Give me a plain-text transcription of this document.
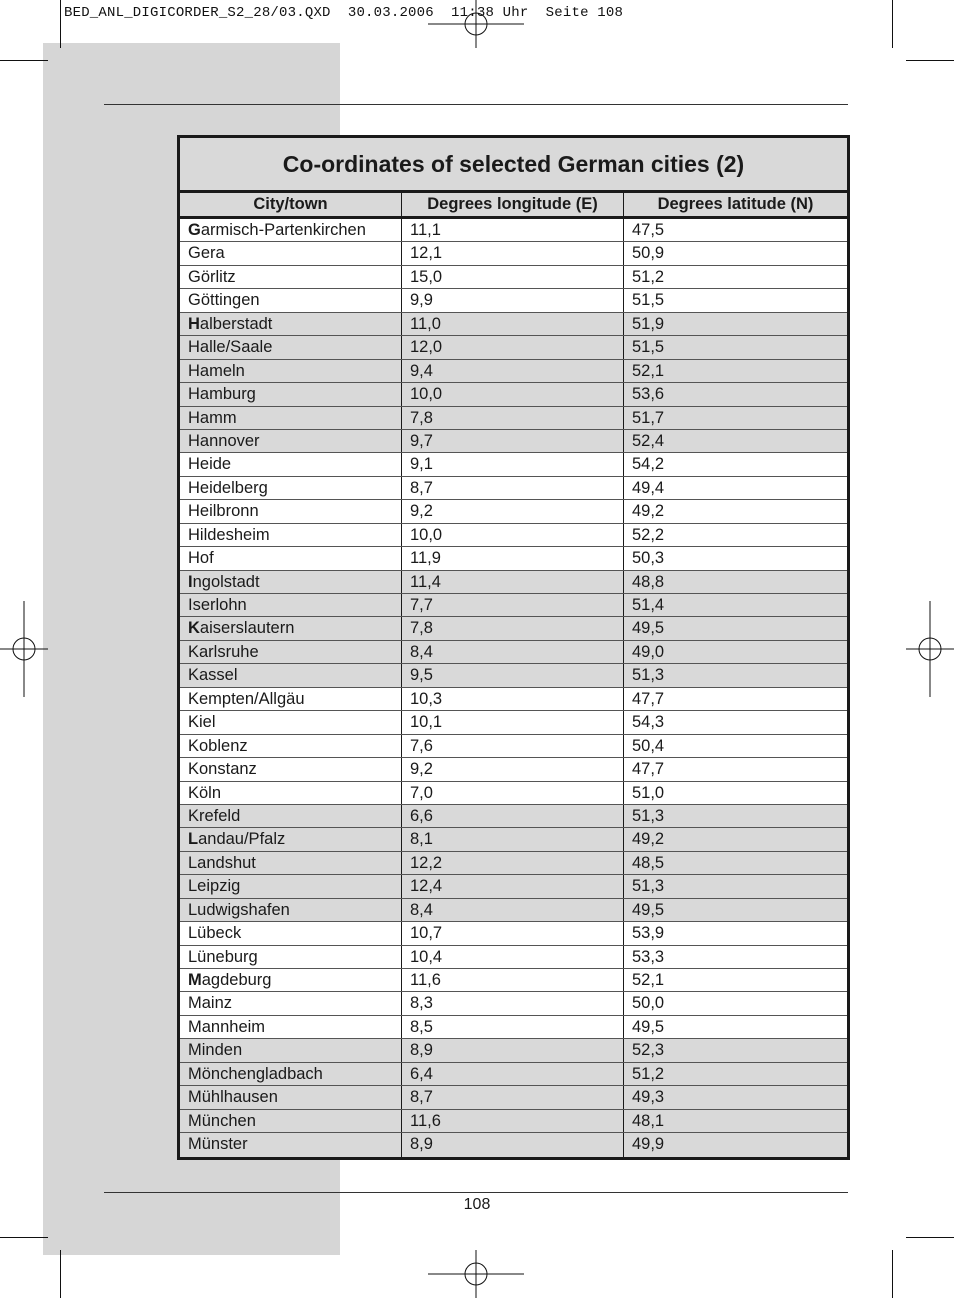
BED_ANL_DIGICORDER_S2_28/03.QXD  30.03.2006  11:38 Uhr  Seite 108
Co-ordinates of selected German cities (2)
City/town	Degrees longitude (E)	Degrees latitude (N)
Garmisch-Partenkirchen	11,1	47,5
Gera	12,1	50,9
Görlitz	15,0	51,2
Göttingen	9,9	51,5
Halberstadt	11,0	51,9
Halle/Saale	12,0	51,5
Hameln	9,4	52,1
Hamburg	10,0	53,6
Hamm	7,8	51,7
Hannover	9,7	52,4
Heide	9,1	54,2
Heidelberg	8,7	49,4
Heilbronn	9,2	49,2
Hildesheim	10,0	52,2
Hof	11,9	50,3
Ingolstadt	11,4	48,8
Iserlohn	7,7	51,4
Kaiserslautern	7,8	49,5
Karlsruhe	8,4	49,0
Kassel	9,5	51,3
Kempten/Allgäu	10,3	47,7
Kiel	10,1	54,3
Koblenz	7,6	50,4
Konstanz	9,2	47,7
Köln	7,0	51,0
Krefeld	6,6	51,3
Landau/Pfalz	8,1	49,2
Landshut	12,2	48,5
Leipzig	12,4	51,3
Ludwigshafen	8,4	49,5
Lübeck	10,7	53,9
Lüneburg	10,4	53,3
Magdeburg	11,6	52,1
Mainz	8,3	50,0
Mannheim	8,5	49,5
Minden	8,9	52,3
Mönchengladbach	6,4	51,2
Mühlhausen	8,7	49,3
München	11,6	48,1
Münster	8,9	49,9
108
